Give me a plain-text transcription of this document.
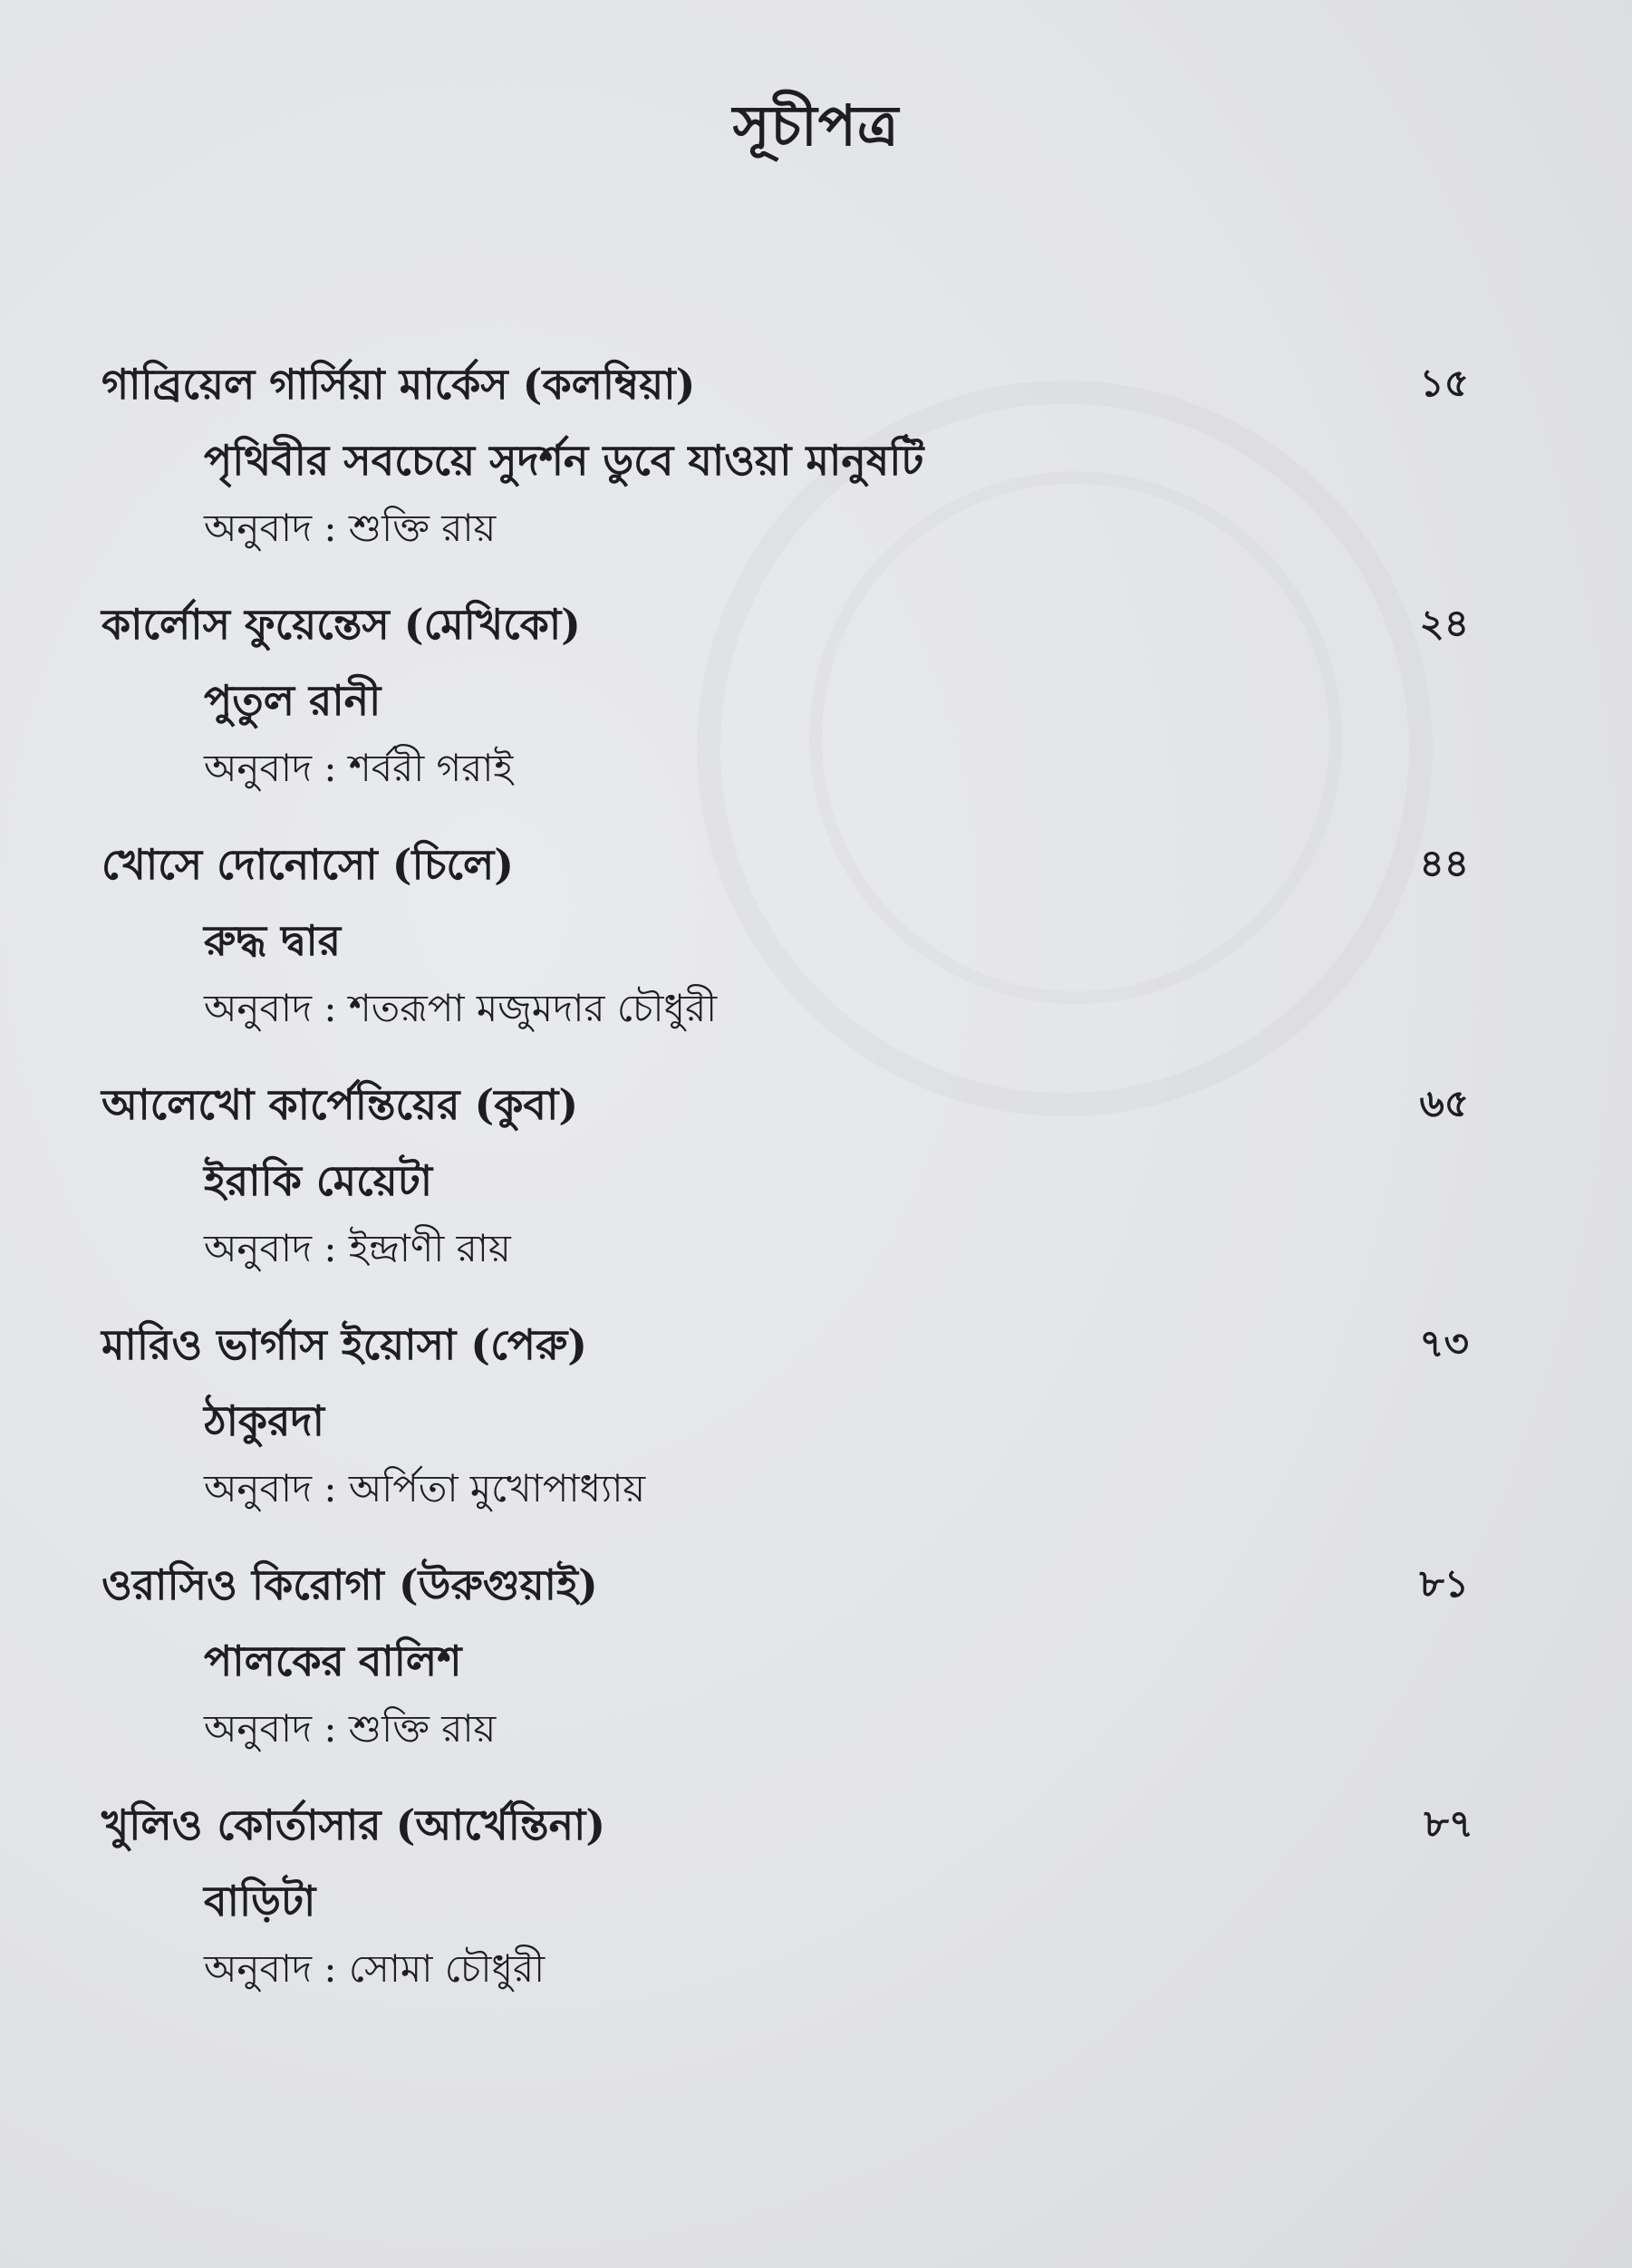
সূচীপত্র
গাব্রিয়েল গার্সিয়া মার্কেস (কলম্বিয়া)
পৃথিবীর সবচেয়ে সুদর্শন ডুবে যাওয়া মানুষটি
অনুবাদ : শুক্তি রায়
১৫
কার্লোস ফুয়েন্তেস (মেখিকো)
পুতুল রানী
অনুবাদ : শর্বরী গরাই
২৪
খোসে দোনোসো (চিলে)
রুদ্ধ দ্বার
অনুবাদ : শতরূপা মজুমদার চৌধুরী
৪৪
আলেখো কার্পেন্তিয়ের (কুবা)
ইরাকি মেয়েটা
অনুবাদ : ইন্দ্রাণী রায়
৬৫
মারিও ভার্গাস ইয়োসা (পেরু)
ঠাকুরদা
অনুবাদ : অর্পিতা মুখোপাধ্যায়
৭৩
ওরাসিও কিরোগা (উরুগুয়াই)
পালকের বালিশ
অনুবাদ : শুক্তি রায়
৮১
খুলিও কোর্তাসার (আর্খেন্তিনা)
বাড়িটা
অনুবাদ : সোমা চৌধুরী
৮৭
